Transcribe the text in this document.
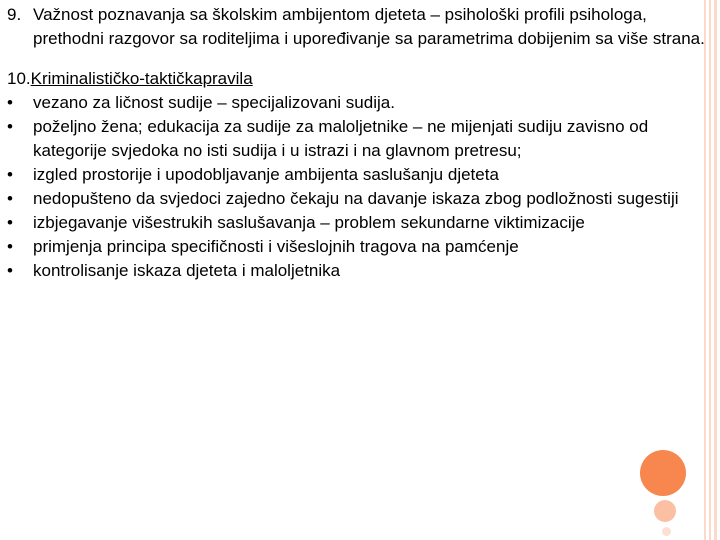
9. Važnost poznavanja sa školskim ambijentom djeteta – psihološki profili psihologa, prethodni razgovor sa roditeljima i upoređivanje sa parametrima dobijenim sa više strana.
10.Kriminalističko-taktičkapravila
• vezano za ličnost sudije – specijalizovani sudija.
• poželjno žena; edukacija za sudije za maloljetnike – ne mijenjati sudiju zavisno od kategorije svjedoka no isti sudija i u istrazi i na glavnom pretresu;
• izgled prostorije i upodobljavanje ambijenta saslušanju djeteta
• nedopušteno da svjedoci zajedno čekaju na davanje iskaza zbog podložnosti sugestiji
• izbjegavanje višestrukih saslušavanja – problem sekundarne viktimizacije
• primjenja principa specifičnosti i višeslojnih tragova na pamćenje
• kontrolisanje iskaza djeteta i maloljetnika
